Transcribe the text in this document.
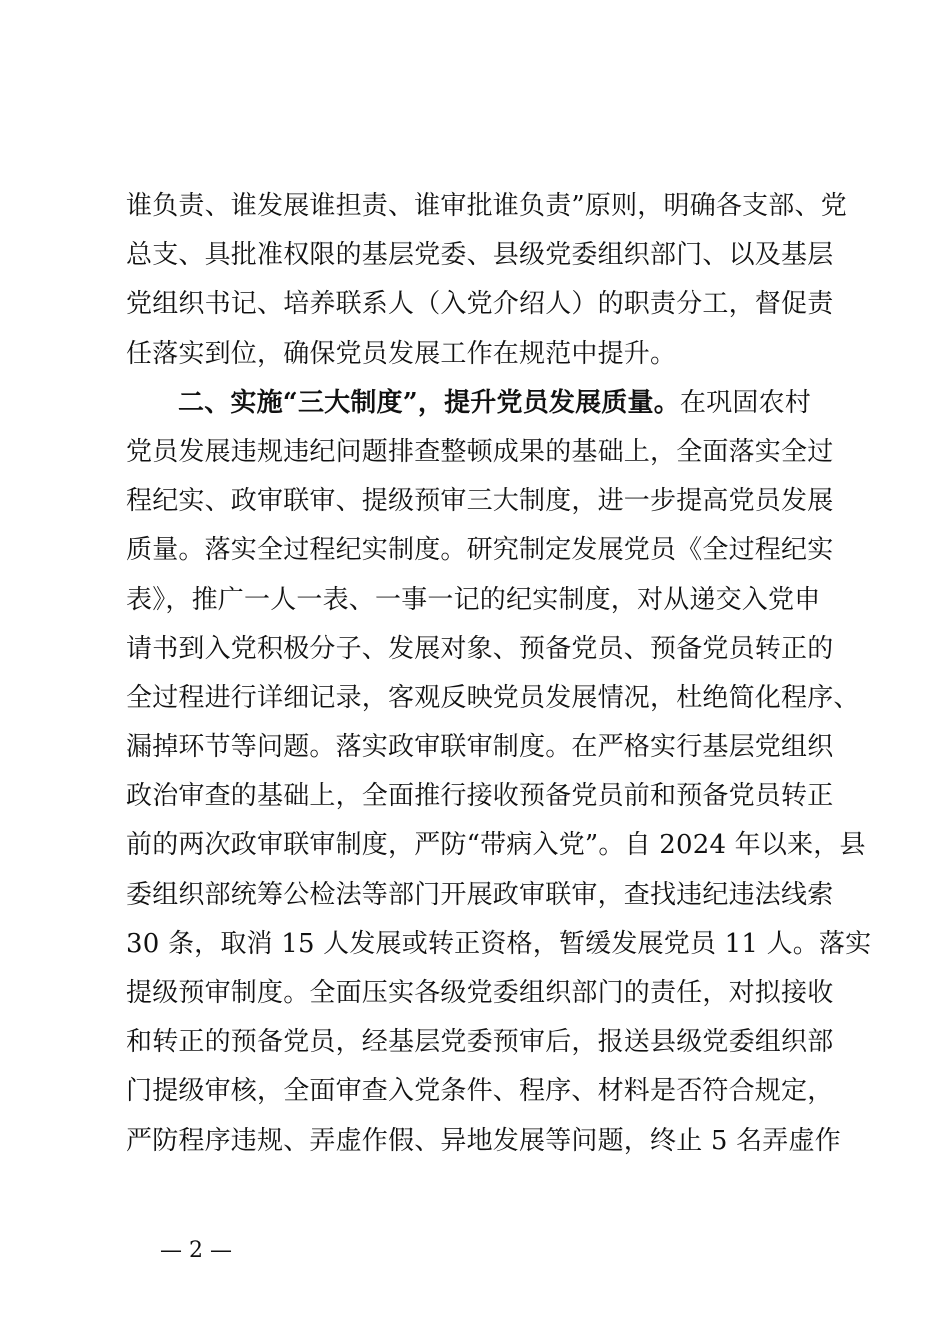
谁负责、谁发展谁担责、谁审批谁负责”原则，明确各支部、党
总支、具批准权限的基层党委、县级党委组织部门、以及基层
党组织书记、培养联系人（入党介绍人）的职责分工，督促责
任落实到位，确保党员发展工作在规范中提升。
二、实施“三大制度”，提升党员发展质量。在巩固农村
党员发展违规违纪问题排查整顿成果的基础上，全面落实全过
程纪实、政审联审、提级预审三大制度，进一步提高党员发展
质量。落实全过程纪实制度。研究制定发展党员《全过程纪实
表》，推广一人一表、一事一记的纪实制度，对从递交入党申
请书到入党积极分子、发展对象、预备党员、预备党员转正的
全过程进行详细记录，客观反映党员发展情况，杜绝简化程序、
漏掉环节等问题。落实政审联审制度。在严格实行基层党组织
政治审查的基础上，全面推行接收预备党员前和预备党员转正
前的两次政审联审制度，严防“带病入党”。自 2024 年以来，县
委组织部统筹公检法等部门开展政审联审，查找违纪违法线索
30 条，取消 15 人发展或转正资格，暂缓发展党员 11 人。落实
提级预审制度。全面压实各级党委组织部门的责任，对拟接收
和转正的预备党员，经基层党委预审后，报送县级党委组织部
门提级审核，全面审查入党条件、程序、材料是否符合规定，
严防程序违规、弄虚作假、异地发展等问题，终止 5 名弄虚作
— 2 —
